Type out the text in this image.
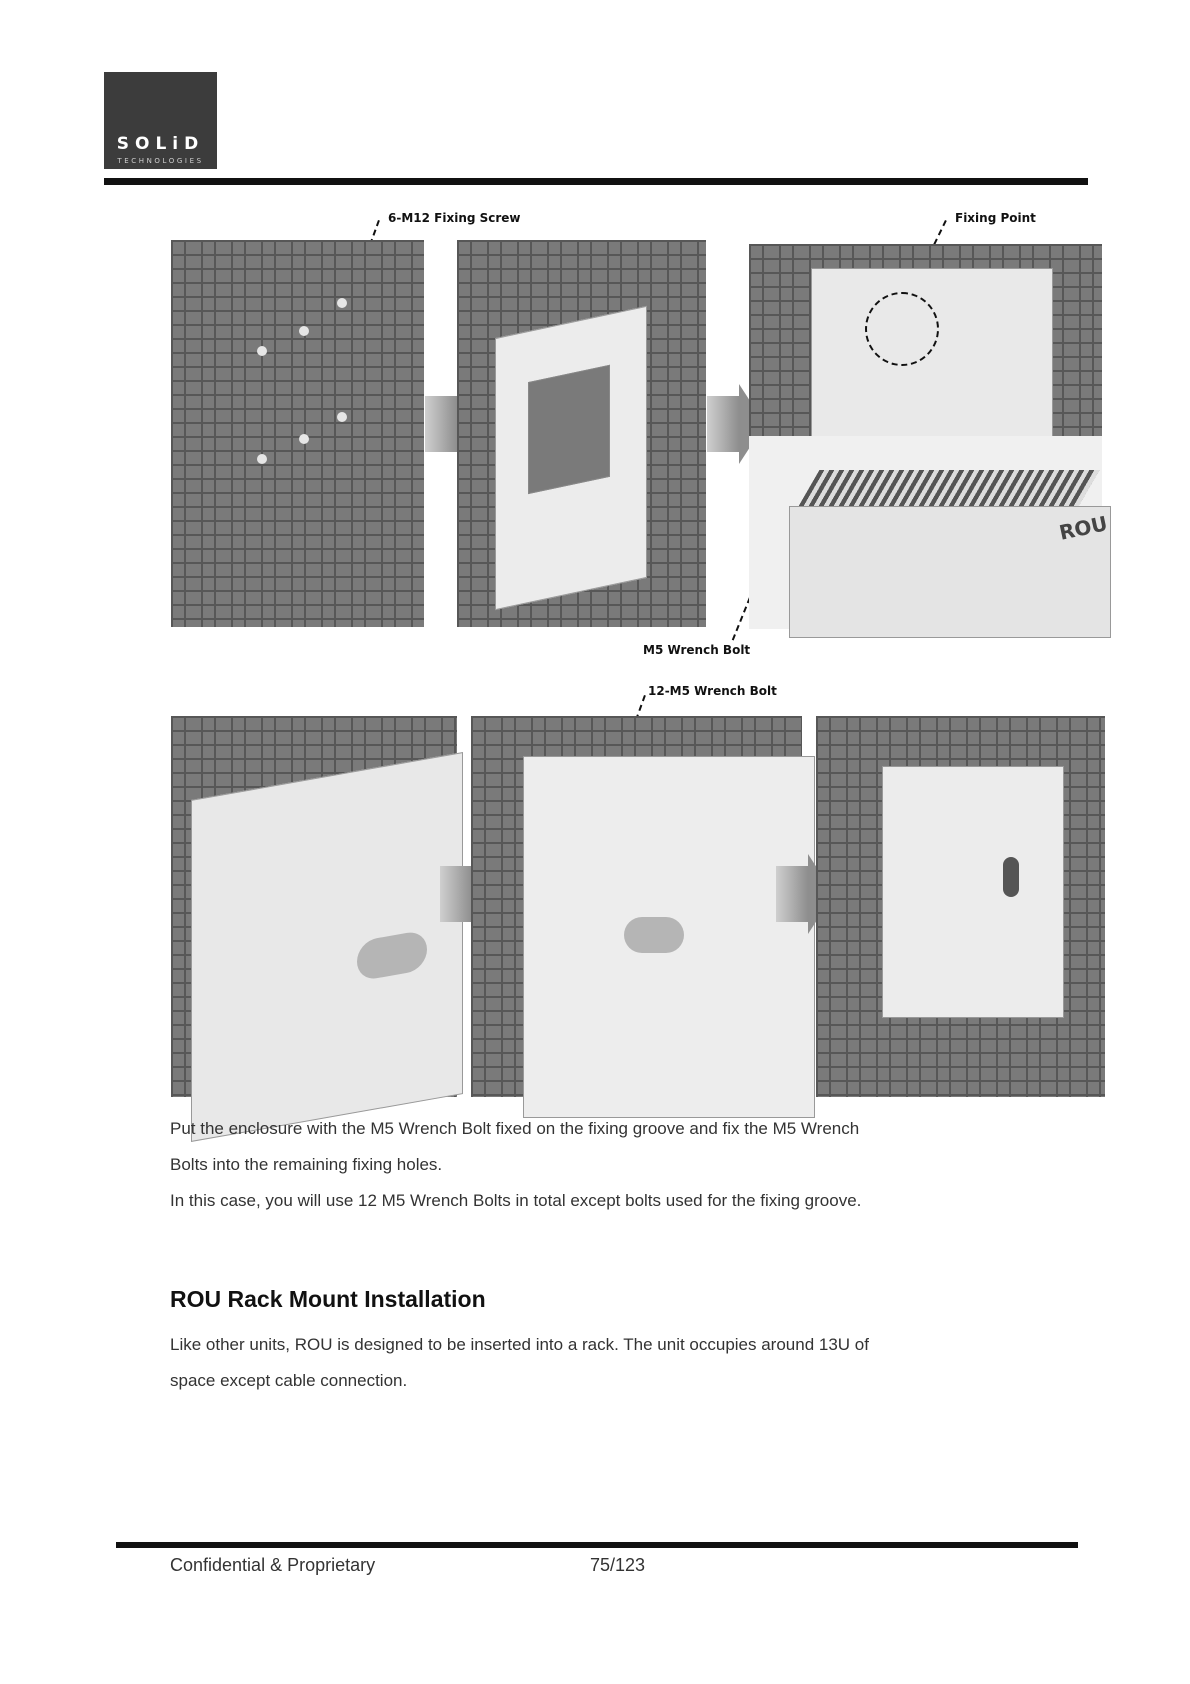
SOLiD
TECHNOLOGIES
6-M12 Fixing Screw	Fixing Point
M5 Wrench Bolt
12-M5 Wrench Bolt
ROU
Put the enclosure with the M5 Wrench Bolt fixed on the fixing groove and fix the M5 Wrench
Bolts into the remaining fixing holes.
In this case, you will use 12 M5 Wrench Bolts in total except bolts used for the fixing groove.
ROU Rack Mount Installation
Like other units, ROU is designed to be inserted into a rack. The unit occupies around 13U of
space except cable connection.
Confidential & Proprietary	75/123
